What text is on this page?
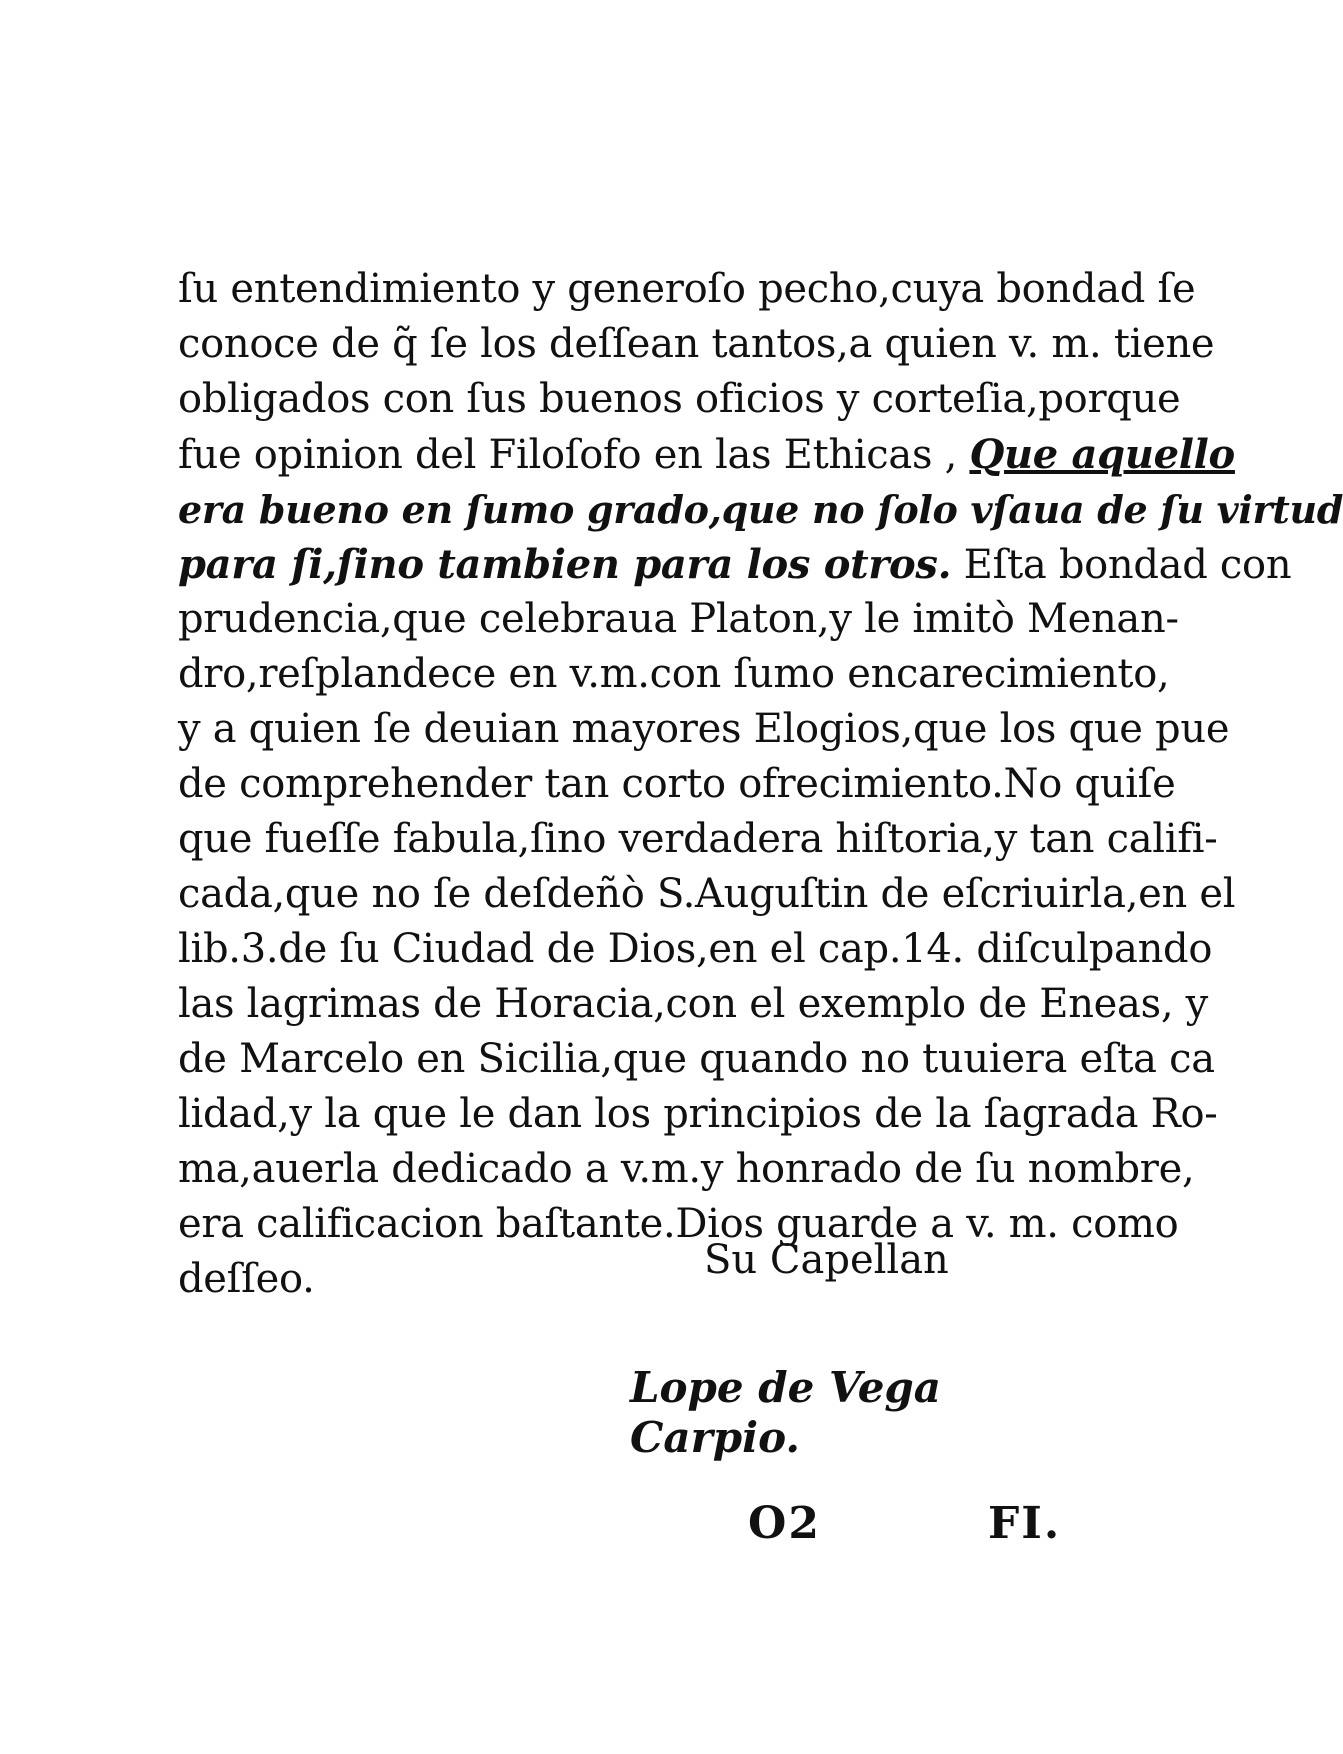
ſu entendimiento y generoſo pecho,cuya bondad ſe
conoce de q̃ ſe los deſſean tantos,a quien v. m. tiene
obligados con ſus buenos oficios y corteſia,porque
fue opinion del Filoſofo en las Ethicas , Que aquello
era bueno en ſumo grado,que no ſolo vſaua de ſu virtud
para ſi,ſino tambien para los otros. Eſta bondad con
prudencia,que celebraua Platon,y le imitò Menan-
dro,reſplandece en v.m.con ſumo encarecimiento,
y a quien ſe deuian mayores Elogios,que los que pue
de comprehender tan corto ofrecimiento.No quiſe
que fueſſe fabula,ſino verdadera hiſtoria,y tan califi-
cada,que no ſe deſdeñò S.Auguſtin de eſcriuirla,en el
lib.3.de ſu Ciudad de Dios,en el cap.14. diſculpando
las lagrimas de Horacia,con el exemplo de Eneas, y
de Marcelo en Sicilia,que quando no tuuiera eſta ca
lidad,y la que le dan los principios de la ſagrada Ro-
ma,auerla dedicado a v.m.y honrado de ſu nombre,
era calificacion baſtante.Dios guarde a v. m. como
deſſeo.	Su Capellan
Lope de Vega Carpio.
O2	FI.
